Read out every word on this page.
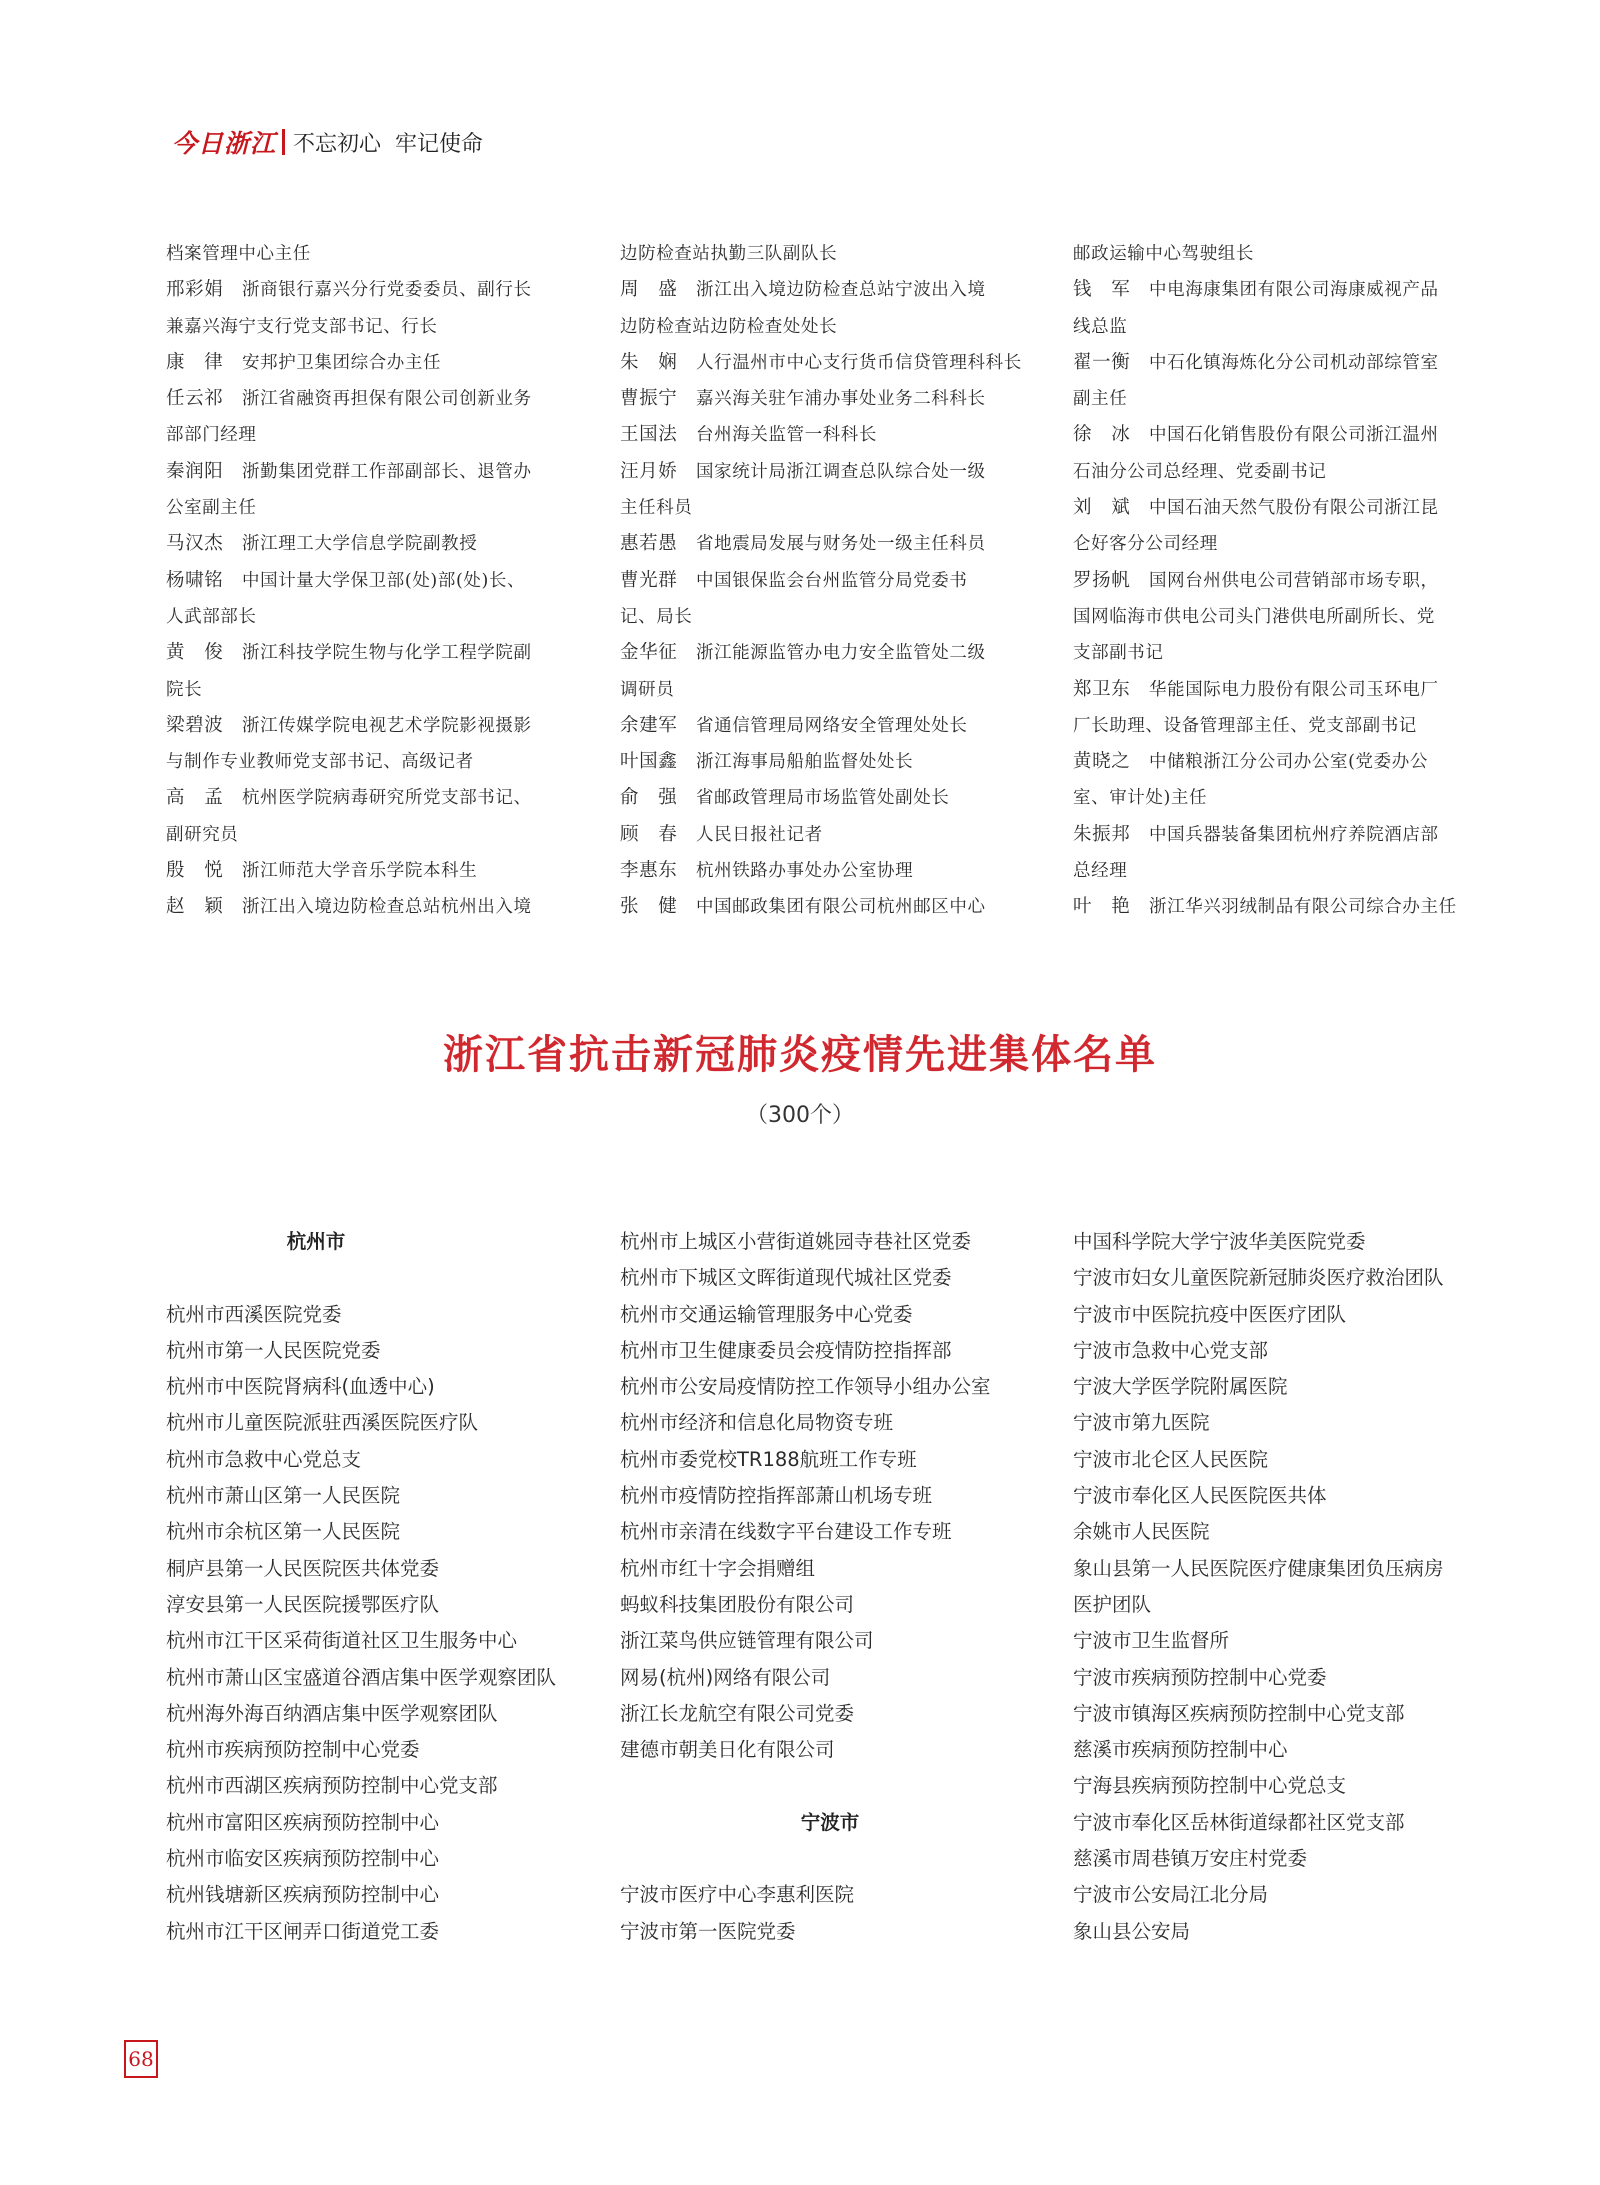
今日浙江 不忘初心  牢记使命
档案管理中心主任
邢彩娟 浙商银行嘉兴分行党委委员、副行长
兼嘉兴海宁支行党支部书记、行长
康　律 安邦护卫集团综合办主任
任云祁 浙江省融资再担保有限公司创新业务
部部门经理
秦润阳 浙勤集团党群工作部副部长、退管办
公室副主任
马汉杰 浙江理工大学信息学院副教授
杨啸铭 中国计量大学保卫部(处)部(处)长、
人武部部长
黄　俊 浙江科技学院生物与化学工程学院副
院长
梁碧波 浙江传媒学院电视艺术学院影视摄影
与制作专业教师党支部书记、高级记者
高　孟 杭州医学院病毒研究所党支部书记、
副研究员
殷　悦 浙江师范大学音乐学院本科生
赵　颖 浙江出入境边防检查总站杭州出入境
边防检查站执勤三队副队长
周　盛 浙江出入境边防检查总站宁波出入境
边防检查站边防检查处处长
朱　娴 人行温州市中心支行货币信贷管理科科长
曹振宁 嘉兴海关驻乍浦办事处业务二科科长
王国法 台州海关监管一科科长
汪月娇 国家统计局浙江调查总队综合处一级
主任科员
惠若愚 省地震局发展与财务处一级主任科员
曹光群 中国银保监会台州监管分局党委书
记、局长
金华征 浙江能源监管办电力安全监管处二级
调研员
余建军 省通信管理局网络安全管理处处长
叶国鑫 浙江海事局船舶监督处处长
俞　强 省邮政管理局市场监管处副处长
顾　春 人民日报社记者
李惠东 杭州铁路办事处办公室协理
张　健 中国邮政集团有限公司杭州邮区中心
邮政运输中心驾驶组长
钱　军 中电海康集团有限公司海康威视产品
线总监
翟一衡 中石化镇海炼化分公司机动部综管室
副主任
徐　冰 中国石化销售股份有限公司浙江温州
石油分公司总经理、党委副书记
刘　斌 中国石油天然气股份有限公司浙江昆
仑好客分公司经理
罗扬帆 国网台州供电公司营销部市场专职，
国网临海市供电公司头门港供电所副所长、党
支部副书记
郑卫东 华能国际电力股份有限公司玉环电厂
厂长助理、设备管理部主任、党支部副书记
黄晓之 中储粮浙江分公司办公室(党委办公
室、审计处)主任
朱振邦 中国兵器装备集团杭州疗养院酒店部
总经理
叶　艳 浙江华兴羽绒制品有限公司综合办主任
浙江省抗击新冠肺炎疫情先进集体名单
（300个）
杭州市
杭州市西溪医院党委
杭州市第一人民医院党委
杭州市中医院肾病科(血透中心)
杭州市儿童医院派驻西溪医院医疗队
杭州市急救中心党总支
杭州市萧山区第一人民医院
杭州市余杭区第一人民医院
桐庐县第一人民医院医共体党委
淳安县第一人民医院援鄂医疗队
杭州市江干区采荷街道社区卫生服务中心
杭州市萧山区宝盛道谷酒店集中医学观察团队
杭州海外海百纳酒店集中医学观察团队
杭州市疾病预防控制中心党委
杭州市西湖区疾病预防控制中心党支部
杭州市富阳区疾病预防控制中心
杭州市临安区疾病预防控制中心
杭州钱塘新区疾病预防控制中心
杭州市江干区闸弄口街道党工委
杭州市上城区小营街道姚园寺巷社区党委
杭州市下城区文晖街道现代城社区党委
杭州市交通运输管理服务中心党委
杭州市卫生健康委员会疫情防控指挥部
杭州市公安局疫情防控工作领导小组办公室
杭州市经济和信息化局物资专班
杭州市委党校TR188航班工作专班
杭州市疫情防控指挥部萧山机场专班
杭州市亲清在线数字平台建设工作专班
杭州市红十字会捐赠组
蚂蚁科技集团股份有限公司
浙江菜鸟供应链管理有限公司
网易(杭州)网络有限公司
浙江长龙航空有限公司党委
建德市朝美日化有限公司
宁波市
宁波市医疗中心李惠利医院
宁波市第一医院党委
中国科学院大学宁波华美医院党委
宁波市妇女儿童医院新冠肺炎医疗救治团队
宁波市中医院抗疫中医医疗团队
宁波市急救中心党支部
宁波大学医学院附属医院
宁波市第九医院
宁波市北仑区人民医院
宁波市奉化区人民医院医共体
余姚市人民医院
象山县第一人民医院医疗健康集团负压病房
医护团队
宁波市卫生监督所
宁波市疾病预防控制中心党委
宁波市镇海区疾病预防控制中心党支部
慈溪市疾病预防控制中心
宁海县疾病预防控制中心党总支
宁波市奉化区岳林街道绿都社区党支部
慈溪市周巷镇万安庄村党委
宁波市公安局江北分局
象山县公安局
68
